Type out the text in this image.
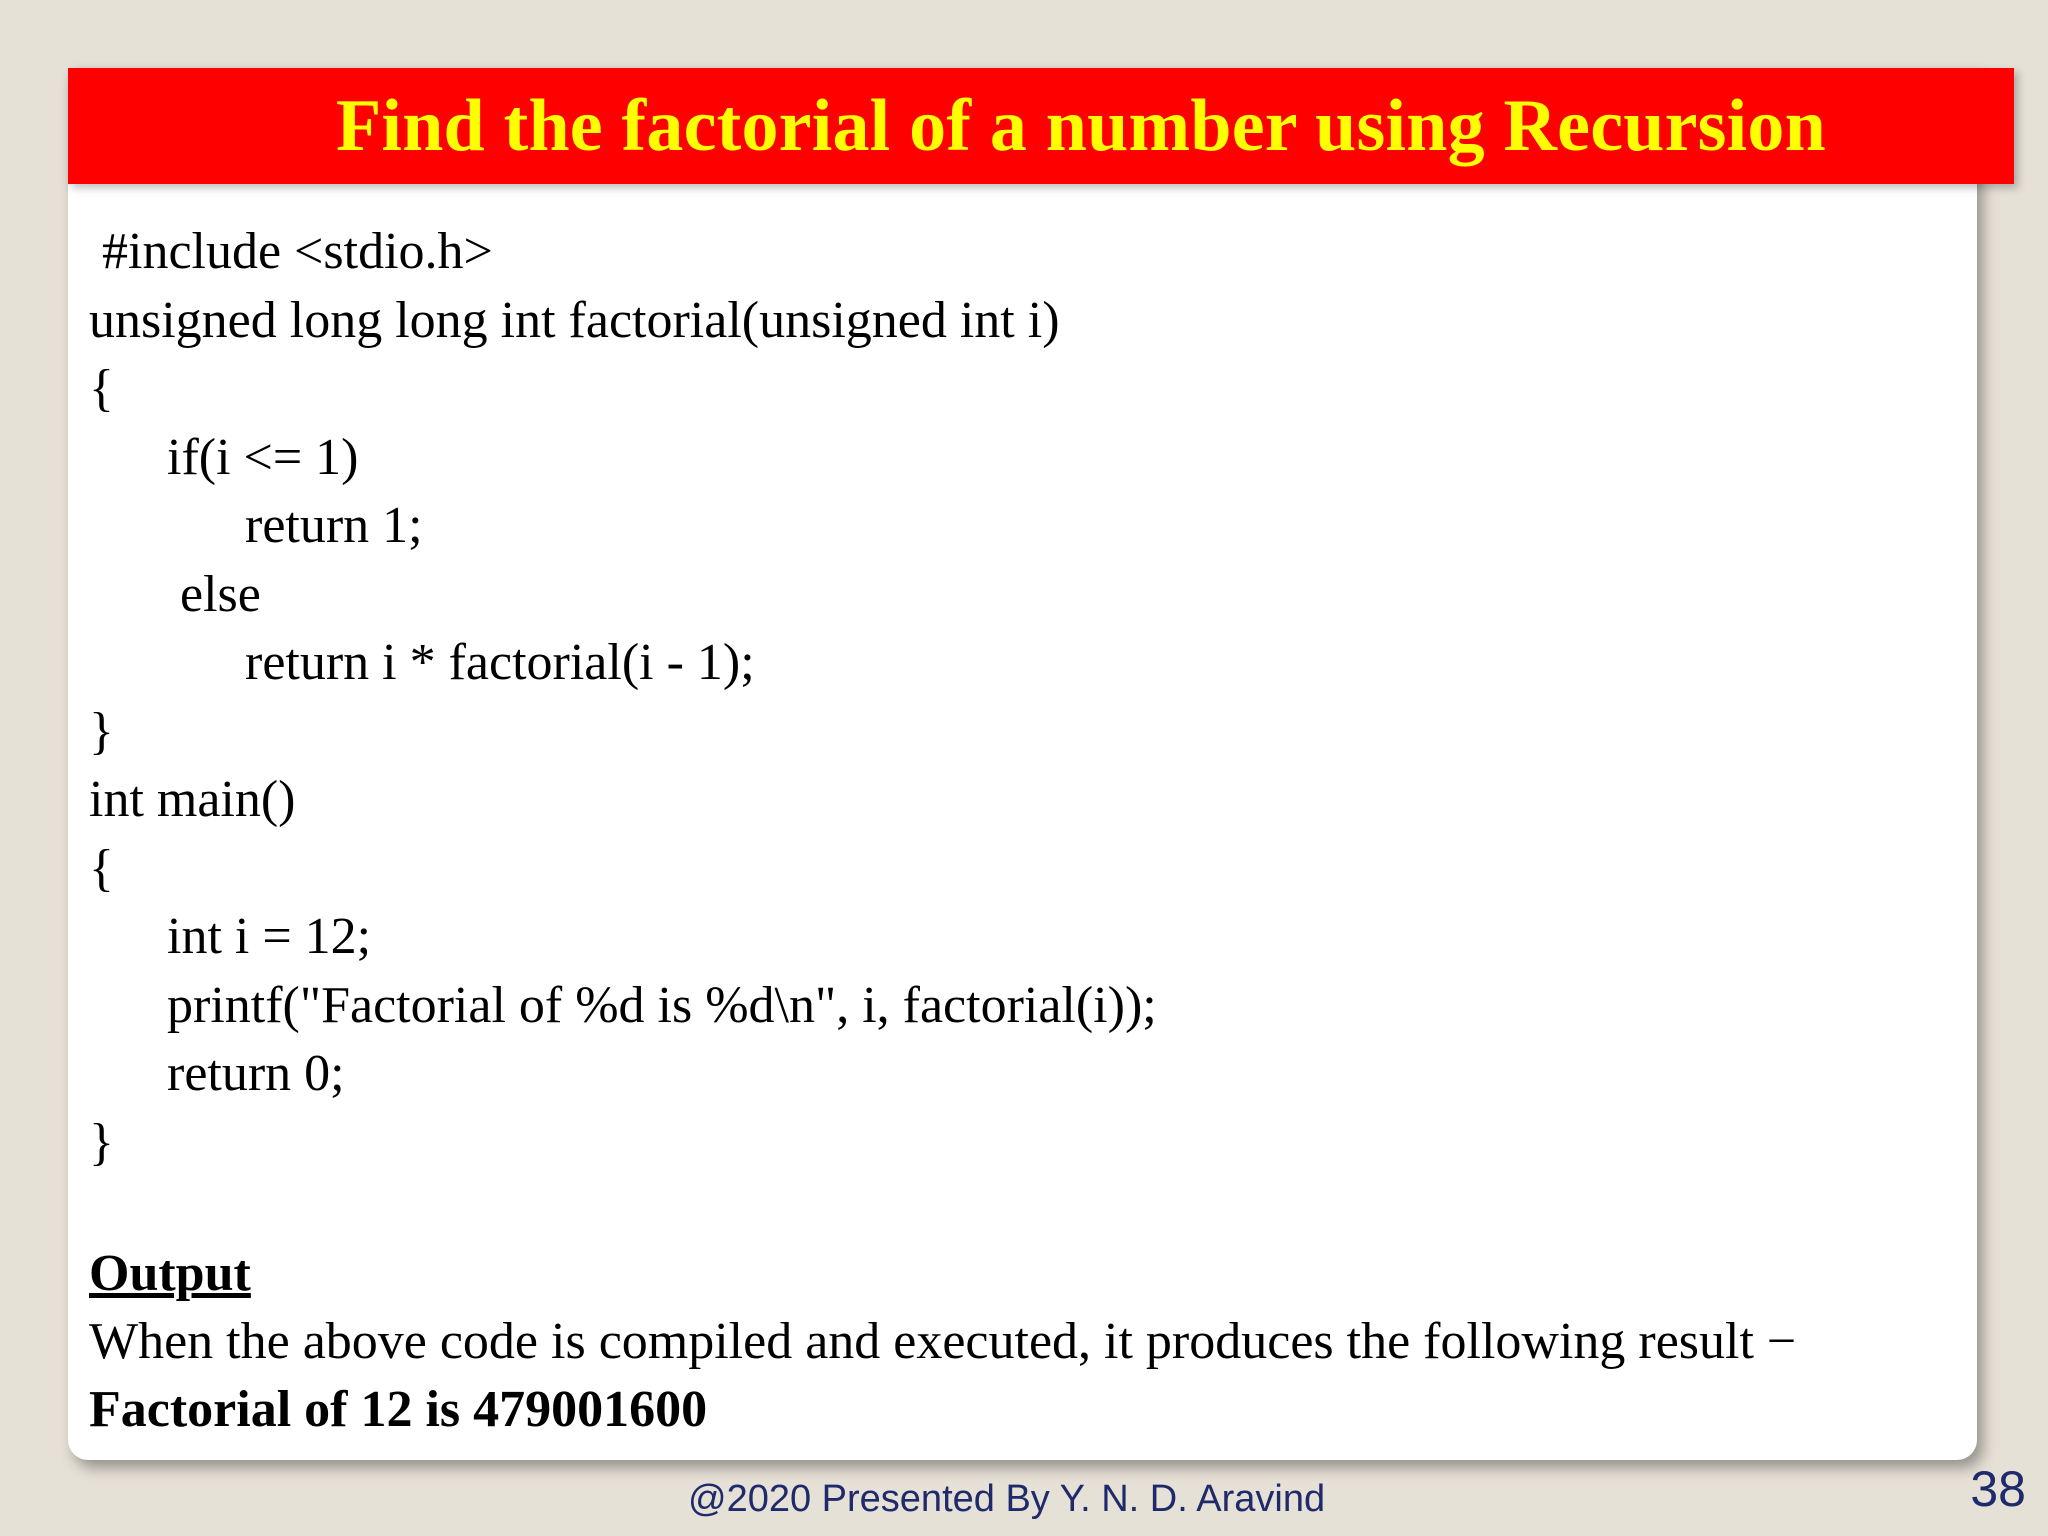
Find the factorial of a number using Recursion
#include <stdio.h>
unsigned long long int factorial(unsigned int i)
{
if(i <= 1)
return 1;
else
return i * factorial(i - 1);
}
int main()
{
int i = 12;
printf("Factorial of %d is %d\n", i, factorial(i));
return 0;
}
Output
When the above code is compiled and executed, it produces the following result −
Factorial of 12 is 479001600
@2020 Presented By Y. N. D. Aravind	38
